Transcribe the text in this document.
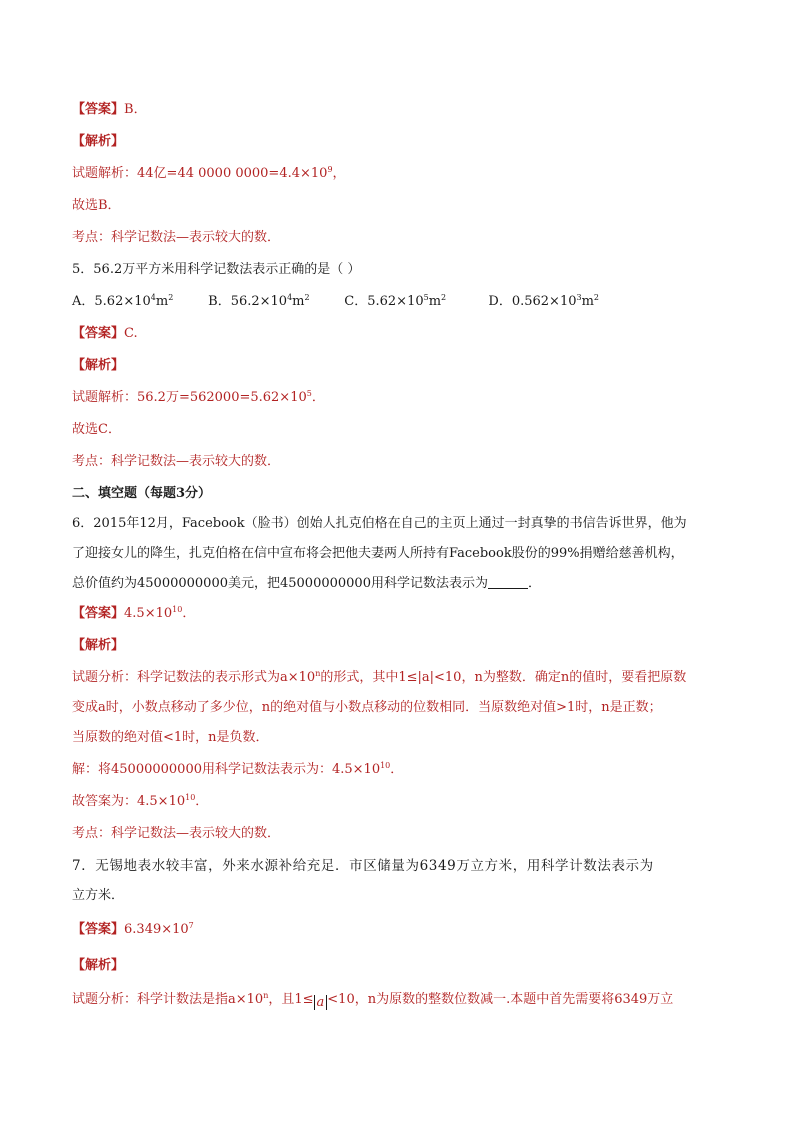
【答案】B．
【解析】
试题解析：44亿=44 0000 $0000=4.4\times 10^9$，
故选B．
考点：科学记数法—表示较大的数．
5．56.2万平方米用科学记数法表示正确的是（ ）
A．$5.62\times 10^4m^2$	B．$56.2\times 10^4m^2$	C．$5.62\times 10^5m^2$	D．$0.562\times 10^3m^2$
【答案】C.
【解析】
试题解析：56.2万$=562000=5.62\times 10^5$．
故选C．
考点：科学记数法—表示较大的数．
二、填空题（每题3分）
6．2015年12月，Facebook（脸书）创始人扎克伯格在自己的主页上通过一封真挚的书信告诉世界，他为
了迎接女儿的降生，扎克伯格在信中宣布将会把他夫妻两人所持有Facebook股份的99%捐赠给慈善机构，
总价值约为45000000000美元，把45000000000用科学记数法表示为	．
【答案】$4.5\times 10^{10}$．
【解析】
试题分析：科学记数法的表示形式为$a\times 10^n$的形式，其中1≤|a|<10，n为整数．确定n的值时，要看把原数
变成a时，小数点移动了多少位，n的绝对值与小数点移动的位数相同．当原数绝对值>1时，n是正数；
当原数的绝对值<1时，n是负数．
解：将45000000000用科学记数法表示为：$4.5\times 10^{10}$．
故答案为：$4.5\times 10^{10}$．
考点：科学记数法—表示较大的数．
7．无锡地表水较丰富，外来水源补给充足．市区储量为6349万立方米，用科学计数法表示为
立方米．
【答案】$6.349\times 10^7$
【解析】
试题分析：科学计数法是指$a\times 10^n$，且1≤ a <10，n为原数的整数位数减一.本题中首先需要将6349万立
